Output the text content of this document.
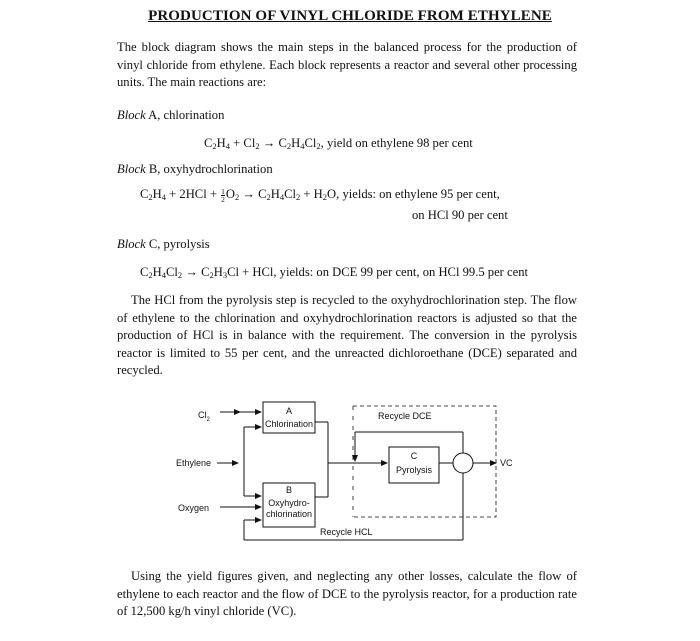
PRODUCTION OF VINYL CHLORIDE FROM ETHYLENE
The block diagram shows the main steps in the balanced process for the production of vinyl chloride from ethylene. Each block represents a reactor and several other processing units. The main reactions are:
Block A, chlorination
$C_2H_4 + Cl_2 \to C_2H_4Cl_2$, yield on ethylene 98 per cent
Block B, oxyhydrochlorination
$C_2H_4 + 2HCl + \frac{1}{2} O_2 \to C_2H_4Cl_2 + H_2O$, yields: on ethylene 95 per cent,
on HCl 90 per cent
Block C, pyrolysis
$C_2H_4Cl_2 \to C_2H_3Cl$ + HCl, yields: on DCE 99 per cent, on HCl 99.5 per cent
The HCl from the pyrolysis step is recycled to the oxyhydrochlorination step. The flow of ethylene to the chlorination and oxyhydrochlorination reactors is adjusted so that the production of HCl is in balance with the requirement. The conversion in the pyrolysis reactor is limited to 55 per cent, and the unreacted dichloroethane (DCE) separated and recycled.
$Cl_2$
A
Chlorination
Ethylene
Oxygen
B
Oxyhydro-
chlorination
C
Pyrolysis
VC
Recycle DCE
Recycle HCL
Using the yield figures given, and neglecting any other losses, calculate the flow of ethylene to each reactor and the flow of DCE to the pyrolysis reactor, for a production rate of 12,500 kg/h vinyl chloride (VC).
